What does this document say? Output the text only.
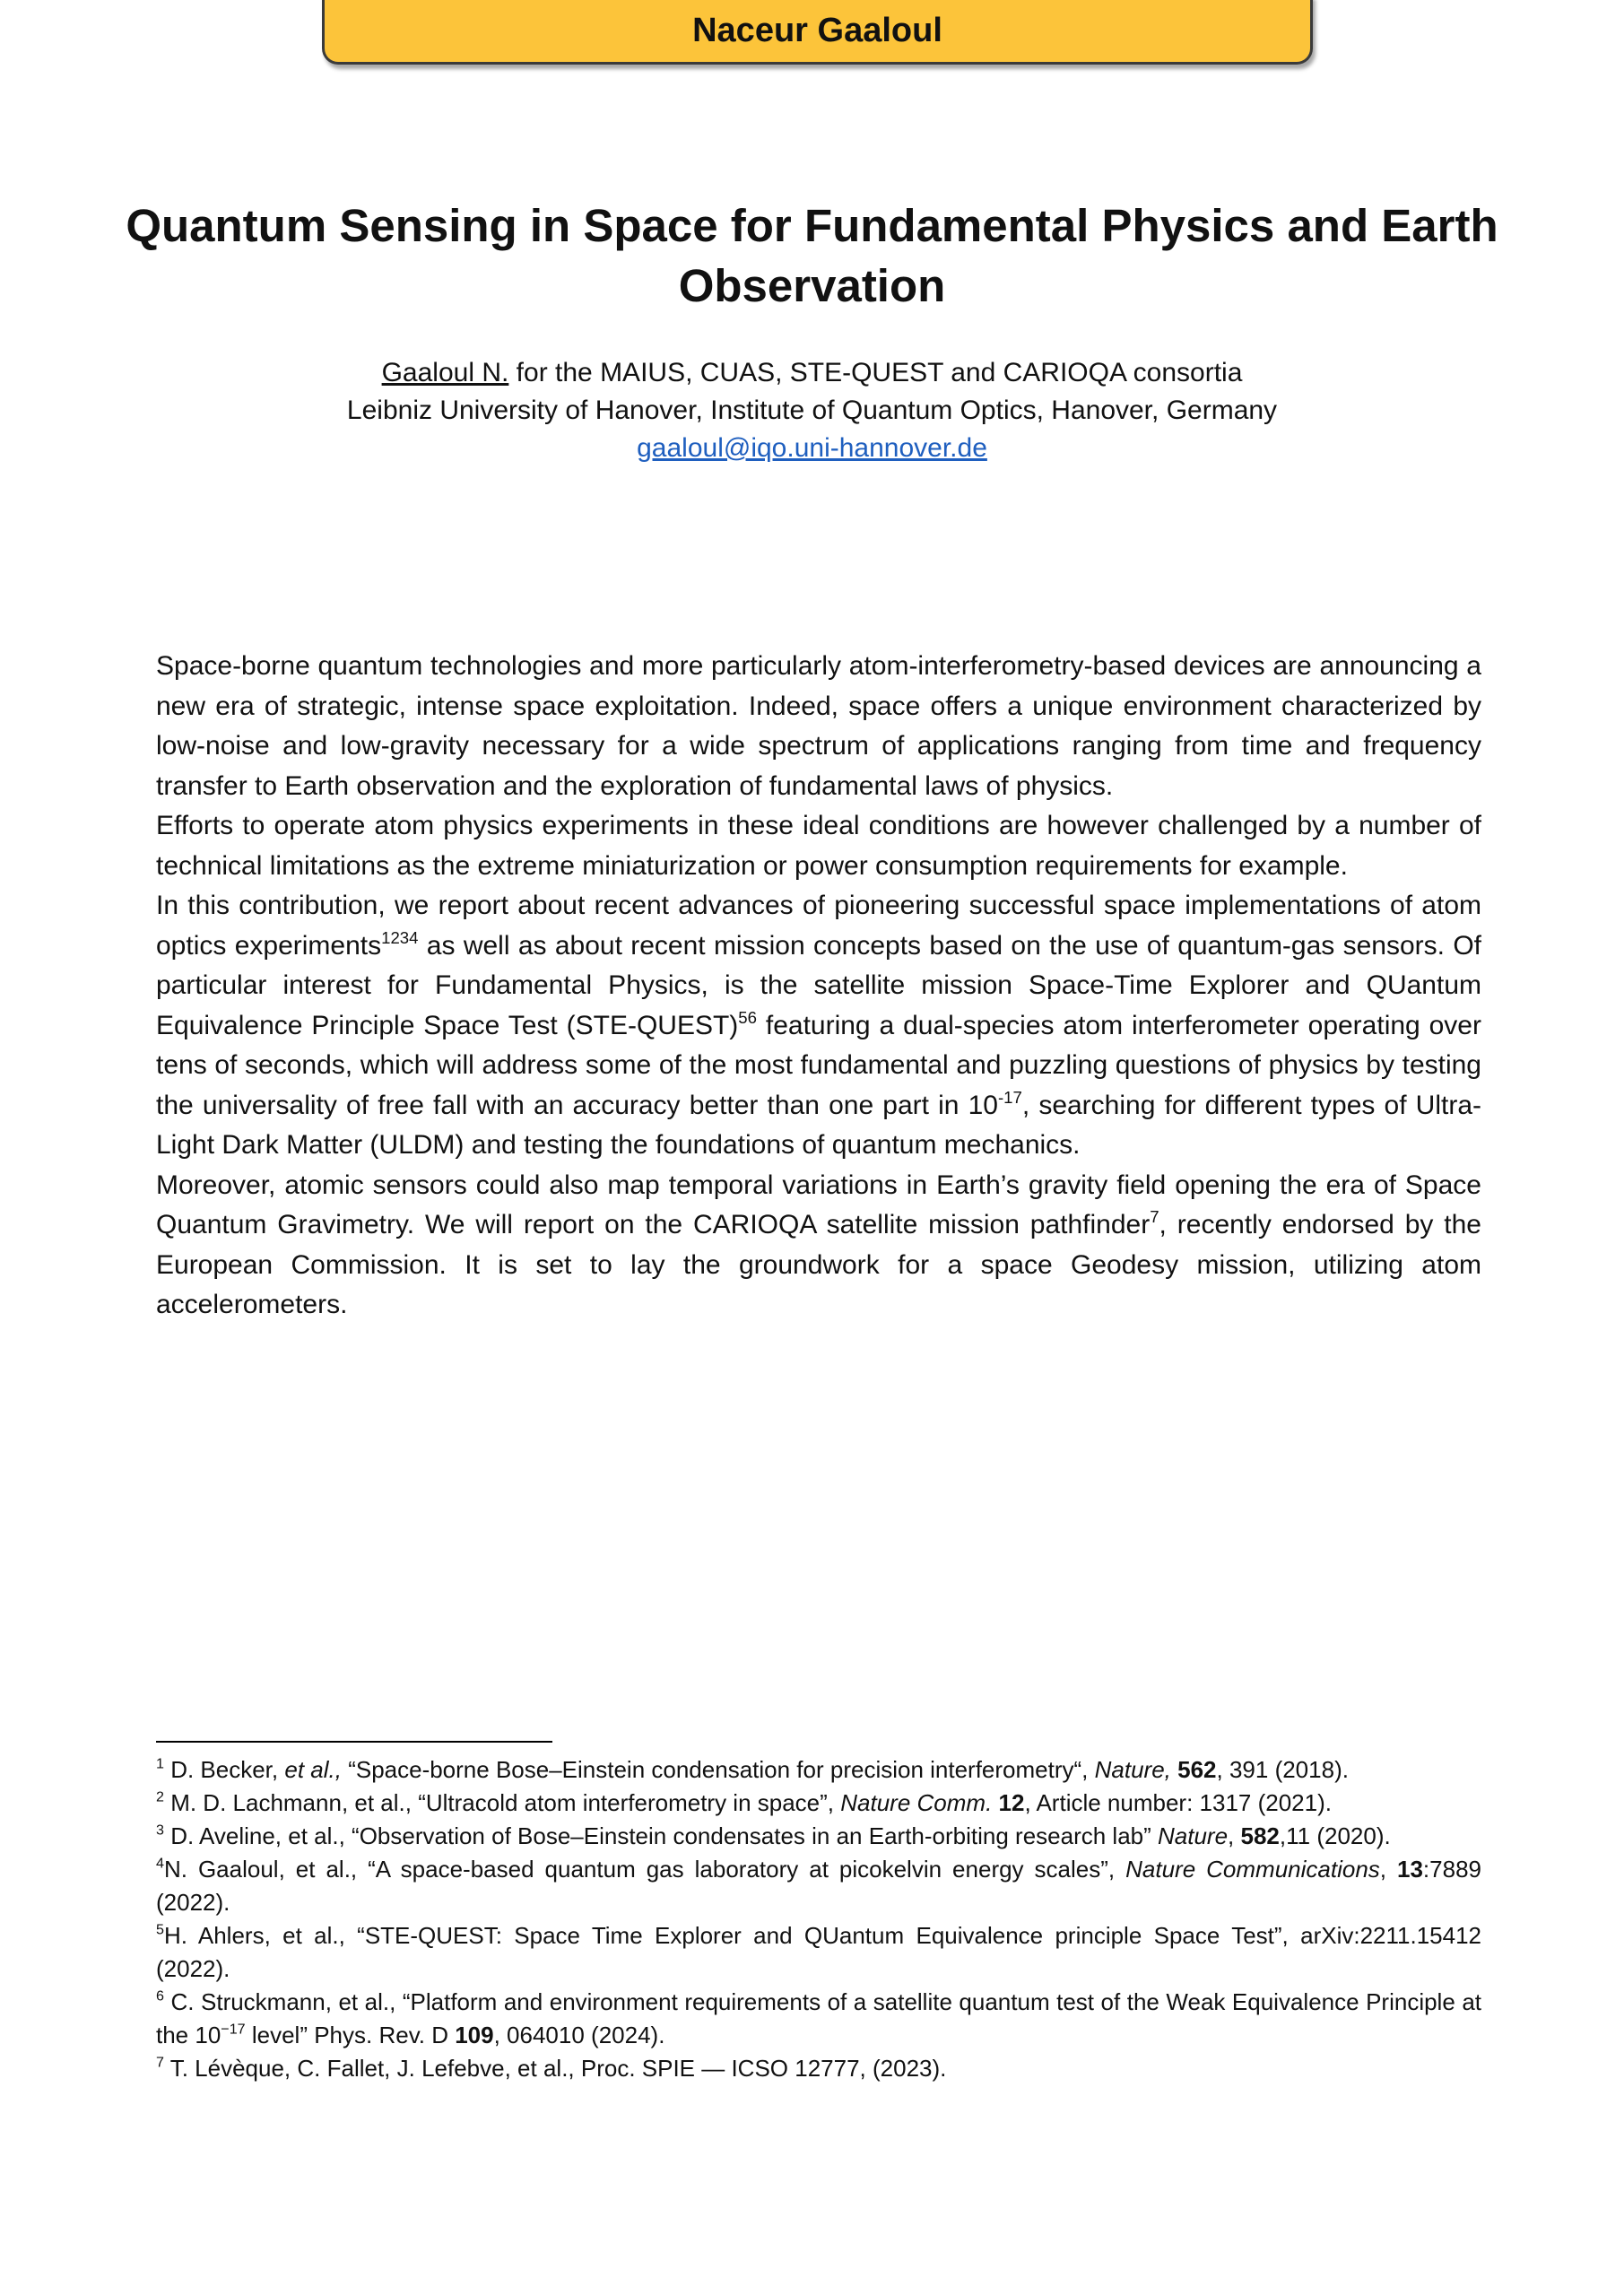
Naceur Gaaloul
Quantum Sensing in Space for Fundamental Physics and Earth Observation
Gaaloul N. for the MAIUS, CUAS, STE-QUEST and CARIOQA consortia
Leibniz University of Hanover, Institute of Quantum Optics, Hanover, Germany
gaaloul@iqo.uni-hannover.de

Space-borne quantum technologies and more particularly atom-interferometry-based devices are announcing a new era of strategic, intense space exploitation. Indeed, space offers a unique environment characterized by low-noise and low-gravity necessary for a wide spectrum of applications ranging from time and frequency transfer to Earth observation and the exploration of fundamental laws of physics.

Efforts to operate atom physics experiments in these ideal conditions are however challenged by a number of technical limitations as the extreme miniaturization or power consumption requirements for example.

In this contribution, we report about recent advances of pioneering successful space implementations of atom optics experiments$^{1234}$ as well as about recent mission concepts based on the use of quantum-gas sensors. Of particular interest for Fundamental Physics, is the satellite mission Space-Time Explorer and QUantum Equivalence Principle Space Test (STE-QUEST)$^{56}$ featuring a dual-species atom interferometer operating over tens of seconds, which will address some of the most fundamental and puzzling questions of physics by testing the universality of free fall with an accuracy better than one part in $10^{-17}$, searching for different types of Ultra-Light Dark Matter (ULDM) and testing the foundations of quantum mechanics.

Moreover, atomic sensors could also map temporal variations in Earth’s gravity field opening the era of Space Quantum Gravimetry. We will report on the CARIOQA satellite mission pathfinder$^7$, recently endorsed by the European Commission. It is set to lay the groundwork for a space Geodesy mission, utilizing atom accelerometers.

$^1$ D. Becker, et al., “Space-borne Bose–Einstein condensation for precision interferometry“, Nature, 562, 391 (2018).

$^2$ M. D. Lachmann, et al., “Ultracold atom interferometry in space”, Nature Comm. 12, Article number: 1317 (2021).

$^3$ D. Aveline, et al., “Observation of Bose–Einstein condensates in an Earth-orbiting research lab” Nature, 582,11 (2020).

$^4$N. Gaaloul, et al., “A space-based quantum gas laboratory at picokelvin energy scales”, Nature Communications, 13:7889 (2022).

$^5$H. Ahlers, et al., “STE-QUEST: Space Time Explorer and QUantum Equivalence principle Space Test”, arXiv:2211.15412 (2022).

$^6$ C. Struckmann, et al., “Platform and environment requirements of a satellite quantum test of the Weak Equivalence Principle at the $10^{-17}$ level” Phys. Rev. D 109, 064010 (2024).

$^7$ T. Lévèque, C. Fallet, J. Lefebve, et al., Proc. SPIE — ICSO 12777, (2023).
